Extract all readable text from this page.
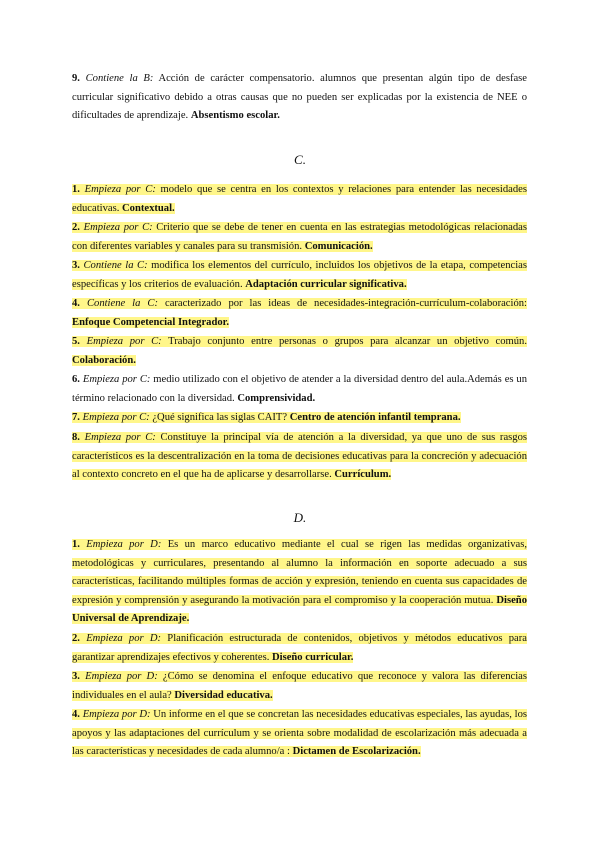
9. Contiene la B: Acción de carácter compensatorio. alumnos que presentan algún tipo de desfase curricular significativo debido a otras causas que no pueden ser explicadas por la existencia de NEE o dificultades de aprendizaje. Absentismo escolar.

C.

1. Empieza por C: modelo que se centra en los contextos y relaciones para entender las necesidades educativas. Contextual.

2. Empieza por C: Criterio que se debe de tener en cuenta en las estrategias metodológicas relacionadas con diferentes variables y canales para su transmisión. Comunicación.

3. Contiene la C: modifica los elementos del currículo, incluidos los objetivos de la etapa, competencias específicas y los criterios de evaluación. Adaptación curricular significativa.

4. Contiene la C: caracterizado por las ideas de necesidades-integración-currículum-colaboración: Enfoque Competencial Integrador.

5. Empieza por C: Trabajo conjunto entre personas o grupos para alcanzar un objetivo común. Colaboración.

6. Empieza por C: medio utilizado con el objetivo de atender a la diversidad dentro del aula.Además es un término relacionado con la diversidad. Comprensividad.

7. Empieza por C: ¿Qué significa las siglas CAIT? Centro de atención infantil temprana.

8. Empieza por C: Constituye la principal vía de atención a la diversidad, ya que uno de sus rasgos característicos es la descentralización en la toma de decisiones educativas para la concreción y adecuación al contexto concreto en el que ha de aplicarse y desarrollarse. Currículum.

D.

1. Empieza por D: Es un marco educativo mediante el cual se rigen las medidas organizativas, metodológicas y curriculares, presentando al alumno la información en soporte adecuado a sus características, facilitando múltiples formas de acción y expresión, teniendo en cuenta sus capacidades de expresión y comprensión y asegurando la motivación para el compromiso y la cooperación mutua. Diseño Universal de Aprendizaje.

2. Empieza por D: Planificación estructurada de contenidos, objetivos y métodos educativos para garantizar aprendizajes efectivos y coherentes. Diseño curricular.

3. Empieza por D: ¿Cómo se denomina el enfoque educativo que reconoce y valora las diferencias individuales en el aula? Diversidad educativa.

4. Empieza por D: Un informe en el que se concretan las necesidades educativas especiales, las ayudas, los apoyos y las adaptaciones del currículum y se orienta sobre modalidad de escolarización más adecuada a las características y necesidades de cada alumno/a : Dictamen de Escolarización.
